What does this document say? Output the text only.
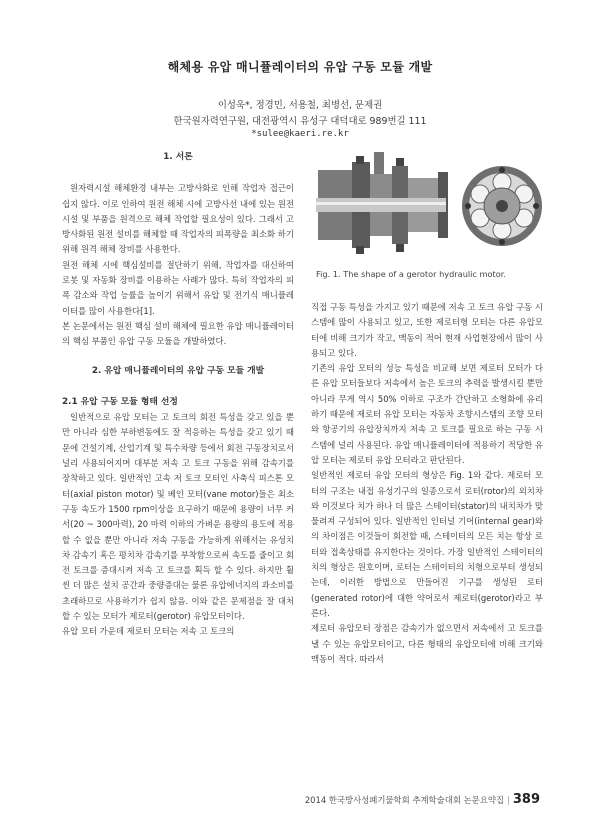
해체용 유압 매니퓰레이터의 유압 구동 모듈 개발
이성욱*, 정경민, 서용철, 최병선, 문제권
한국원자력연구원, 대전광역시 유성구 대덕대로 989번길 111
*sulee@kaeri.re.kr
1. 서론

원자력시설 해체환경 내부는 고방사화로 인해 작업자 접근이 쉽지 않다. 이로 인하여 원전 해체 시에 고방사선 내에 있는 원전 시설 및 부품을 원격으로 해체 작업할 필요성이 있다. 그래서 고방사화된 원전 설비를 해체할 때 작업자의 피폭량을 최소화 하기 위해 원격 해체 장비를 사용한다.

원전 해체 시에 핵심설비를 절단하기 위해, 작업자를 대신하여 로봇 및 자동화 장비를 이용하는 사례가 많다. 특히 작업자의 피폭 감소와 작업 능률을 높이기 위해서 유압 및 전기식 매니퓰레이터를 많이 사용한다[1].

본 논문에서는 원전 핵심 설비 해체에 필요한 유압 매니퓰레이터의 핵심 부품인 유압 구동 모듈을 개발하였다.

2. 유압 매니퓰레이터의 유압 구동 모듈 개발
2.1 유압 구동 모듈 형태 선정

일반적으로 유압 모터는 고 토크의 회전 특성을 갖고 있을 뿐만 아니라 심한 부하변동에도 잘 적응하는 특성을 갖고 있기 때문에 건설기계, 산업기계 및 특수차량 등에서 회전 구동장치로서 널리 사용되어지며 대부분 저속 고 토크 구동을 위해 감속기를 장착하고 있다. 일반적인 고속 저 토크 모터인 사축식 피스톤 모터(axial piston motor) 및 베인 모터(vane motor)들은 최소 구동 속도가 1500 rpm이상을 요구하기 때문에 용량이 너무 커서(20 ~ 300마력), 20 마력 이하의 가벼운 용량의 용도에 적용할 수 없을 뿐만 아니라 저속 구동을 가능하게 위해서는 유성치차 감속기 혹은 평치차 감속기를 부착함으로써 속도를 줄이고 회전 토크를 증대시켜 저속 고 토크를 획득 할 수 있다. 하지만 훨씬 더 많은 설치 공간과 중량증대는 물론 유압에너지의 과소비를 초래하므로 사용하기가 쉽지 않음. 이와 같은 문제점을 잘 대처할 수 있는 모터가 제로터(gerotor) 유압모터이다.

유압 모터 가운데 제로터 모터는 저속 고 토크의

Fig. 1. The shape of a gerotor hydraulic motor.

직접 구동 특성을 가지고 있기 때문에 저속 고 토크 유압 구동 시스템에 많이 사용되고 있고, 또한 제로터형 모터는 다른 유압모터에 비해 크기가 작고, 맥동이 적어 현재 사업현장에서 많이 사용되고 있다.

기존의 유압 모터의 성능 특성을 비교해 보면 제로터 모터가 다른 유압 모터들보다 저속에서 높은 토크의 추력을 발생시킬 뿐만 아니라 무게 역시 50% 이하로 구조가 간단하고 소형화에 유리하기 때문에 제로터 유압 모터는 자동차 조향시스템의 조향 모터와 항공기의 유압장치까지 저속 고 토크를 필요로 하는 구동 시스템에 널리 사용된다. 유압 매니퓰레이터에 적용하기 적당한 유압 모터는 제로터 유압 모터라고 판단된다.

일반적인 제로터 유압 모터의 형상은 Fig. 1와 같다. 제로터 모터의 구조는 내접 유성기구의 일종으로서 로터(rotor)의 외치차와 이것보다 치가 하나 더 많은 스테이터(stator)의 내치차가 맞물려져 구성되어 있다. 일반적인 인터널 기어(internal gear)와의 차이점은 이것들이 회전할 때, 스테이터의 모든 치는 항상 로터와 접촉상태를 유지한다는 것이다. 가장 일반적인 스테이터의 치의 형상은 원호이며, 로터는 스테이터의 치형으로부터 생성되는데, 이러한 방법으로 만들어진 기구를 생성된 로터(generated rotor)에 대한 약어로서 제로터(gerotor)라고 부른다.

제로터 유압모터 장점은 감속기가 없으면서 저속에서 고 토크를 낼 수 있는 유압모터이고, 다른 형태의 유압모터에 비해 크기와 맥동이 적다. 따라서

2014 한국방사성폐기물학회 추계학술대회 논문요약집 | 389
